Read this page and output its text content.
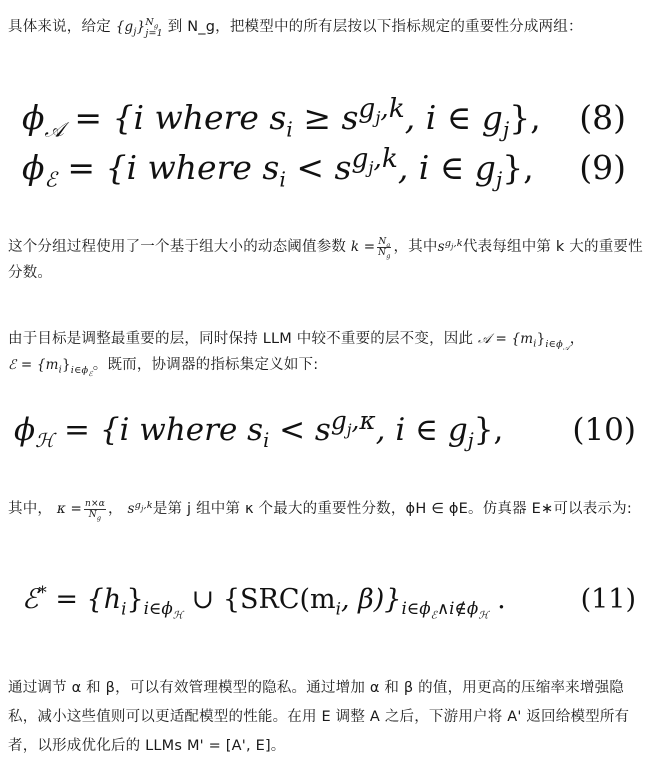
具体来说，给定 $\{g_j\}$ $N_g$
j=1 到 N_g，把模型中的所有层按以下指标规定的重要性分成两组：

$\phi_𝒜 = \{i$ where $s_i \ge s^{g_j,k}$, i ∈ $g_j$}, (8)
$\phi_ℰ = \{i$ where $s_i < s^{g_j,k}$, i ∈ $g_j$}, (9)

这个分组过程使用了一个基于组大小的动态阈值参数 $k = \frac{N_a}{N_g}$ ，其中$s^{g_j,k}$代表每组中第 k 大的重要性分数。

由于目标是调整最重要的层，同时保持 LLM 中较不重要的层不变，因此 𝒜 = $\{m_i\}_{i\in\phi_𝒜}$， ℰ = $\{m_i\}_{i\in\phi_ℰ}$。既而，协调器的指标集定义如下:

$\phi_ℋ = \{i$ where $s_i < s^{g_j,\kappa}$, i ∈ $g_j$}, (10)

其中， $\kappa = \frac{n\times\alpha}{N_g}$ ， $s^{g_j,k}$是第 j 组中第 κ 个最大的重要性分数，ϕH ∈ ϕE。仿真器 E∗可以表示为:

ℰ* = $\{h_i\}_{i\in\phi_ℋ}$ ∪ {$SRC(m_i$, $\beta)\}_{i\in\phi_ℰ\wedge i\notin\phi_ℋ}$ .	(11)

通过调节 α 和 β，可以有效管理模型的隐私。通过增加 α 和 β 的值，用更高的压缩率来增强隐私，减小这些值则可以更适配模型的性能。在用 E 调整 A 之后，下游用户将 A' 返回给模型所有者，以形成优化后的 LLMs M' = [A', E]。
